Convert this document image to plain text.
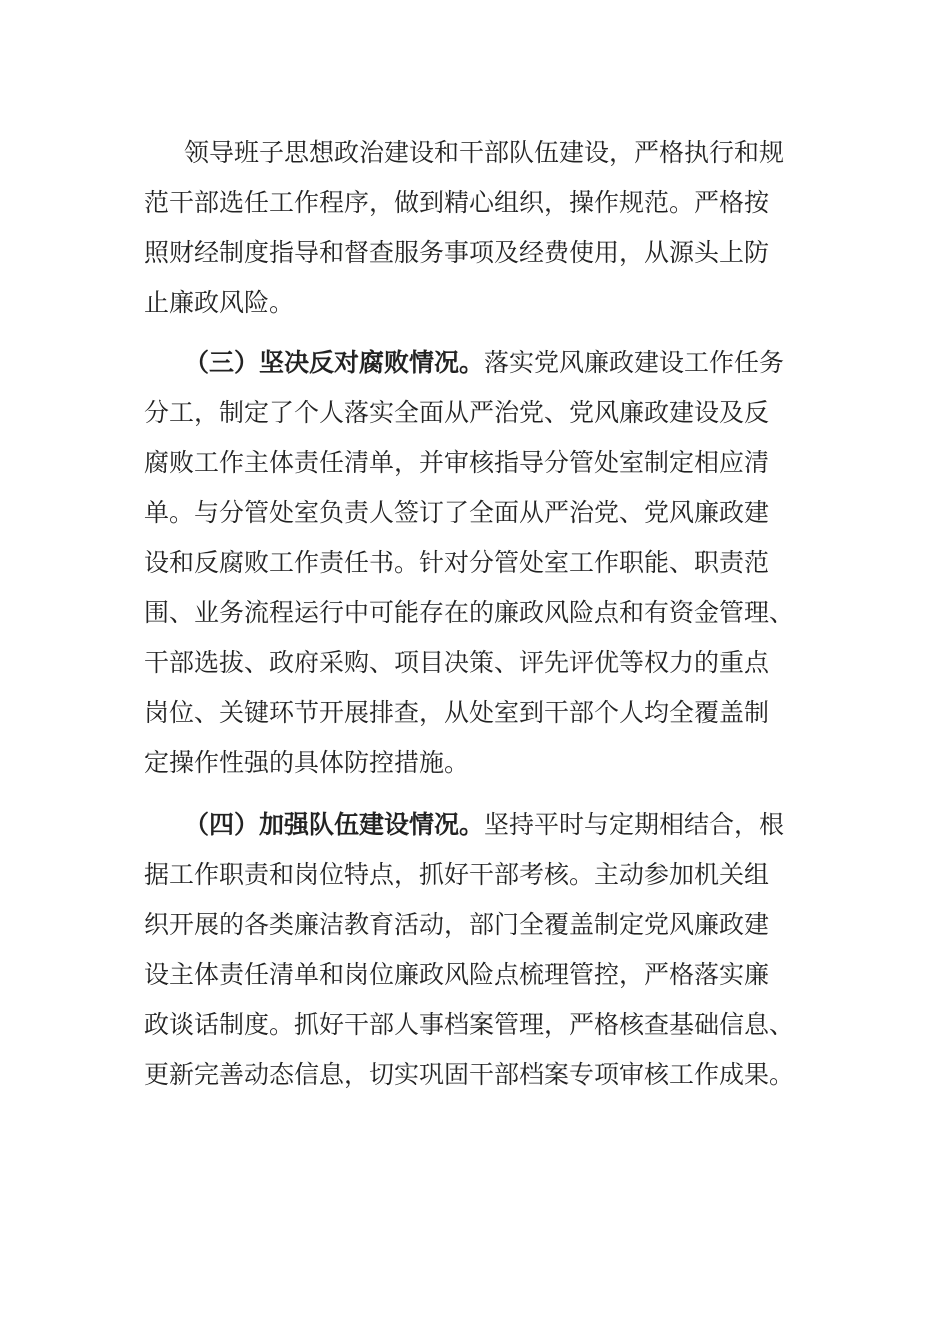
领导班子思想政治建设和干部队伍建设，严格执行和规
范干部选任工作程序，做到精心组织，操作规范。严格按
照财经制度指导和督查服务事项及经费使用，从源头上防
止廉政风险。
（三）坚决反对腐败情况。落实党风廉政建设工作任务
分工，制定了个人落实全面从严治党、党风廉政建设及反
腐败工作主体责任清单，并审核指导分管处室制定相应清
单。与分管处室负责人签订了全面从严治党、党风廉政建
设和反腐败工作责任书。针对分管处室工作职能、职责范
围、业务流程运行中可能存在的廉政风险点和有资金管理、
干部选拔、政府采购、项目决策、评先评优等权力的重点
岗位、关键环节开展排查，从处室到干部个人均全覆盖制
定操作性强的具体防控措施。
（四）加强队伍建设情况。坚持平时与定期相结合，根
据工作职责和岗位特点，抓好干部考核。主动参加机关组
织开展的各类廉洁教育活动，部门全覆盖制定党风廉政建
设主体责任清单和岗位廉政风险点梳理管控，严格落实廉
政谈话制度。抓好干部人事档案管理，严格核查基础信息、
更新完善动态信息，切实巩固干部档案专项审核工作成果。
